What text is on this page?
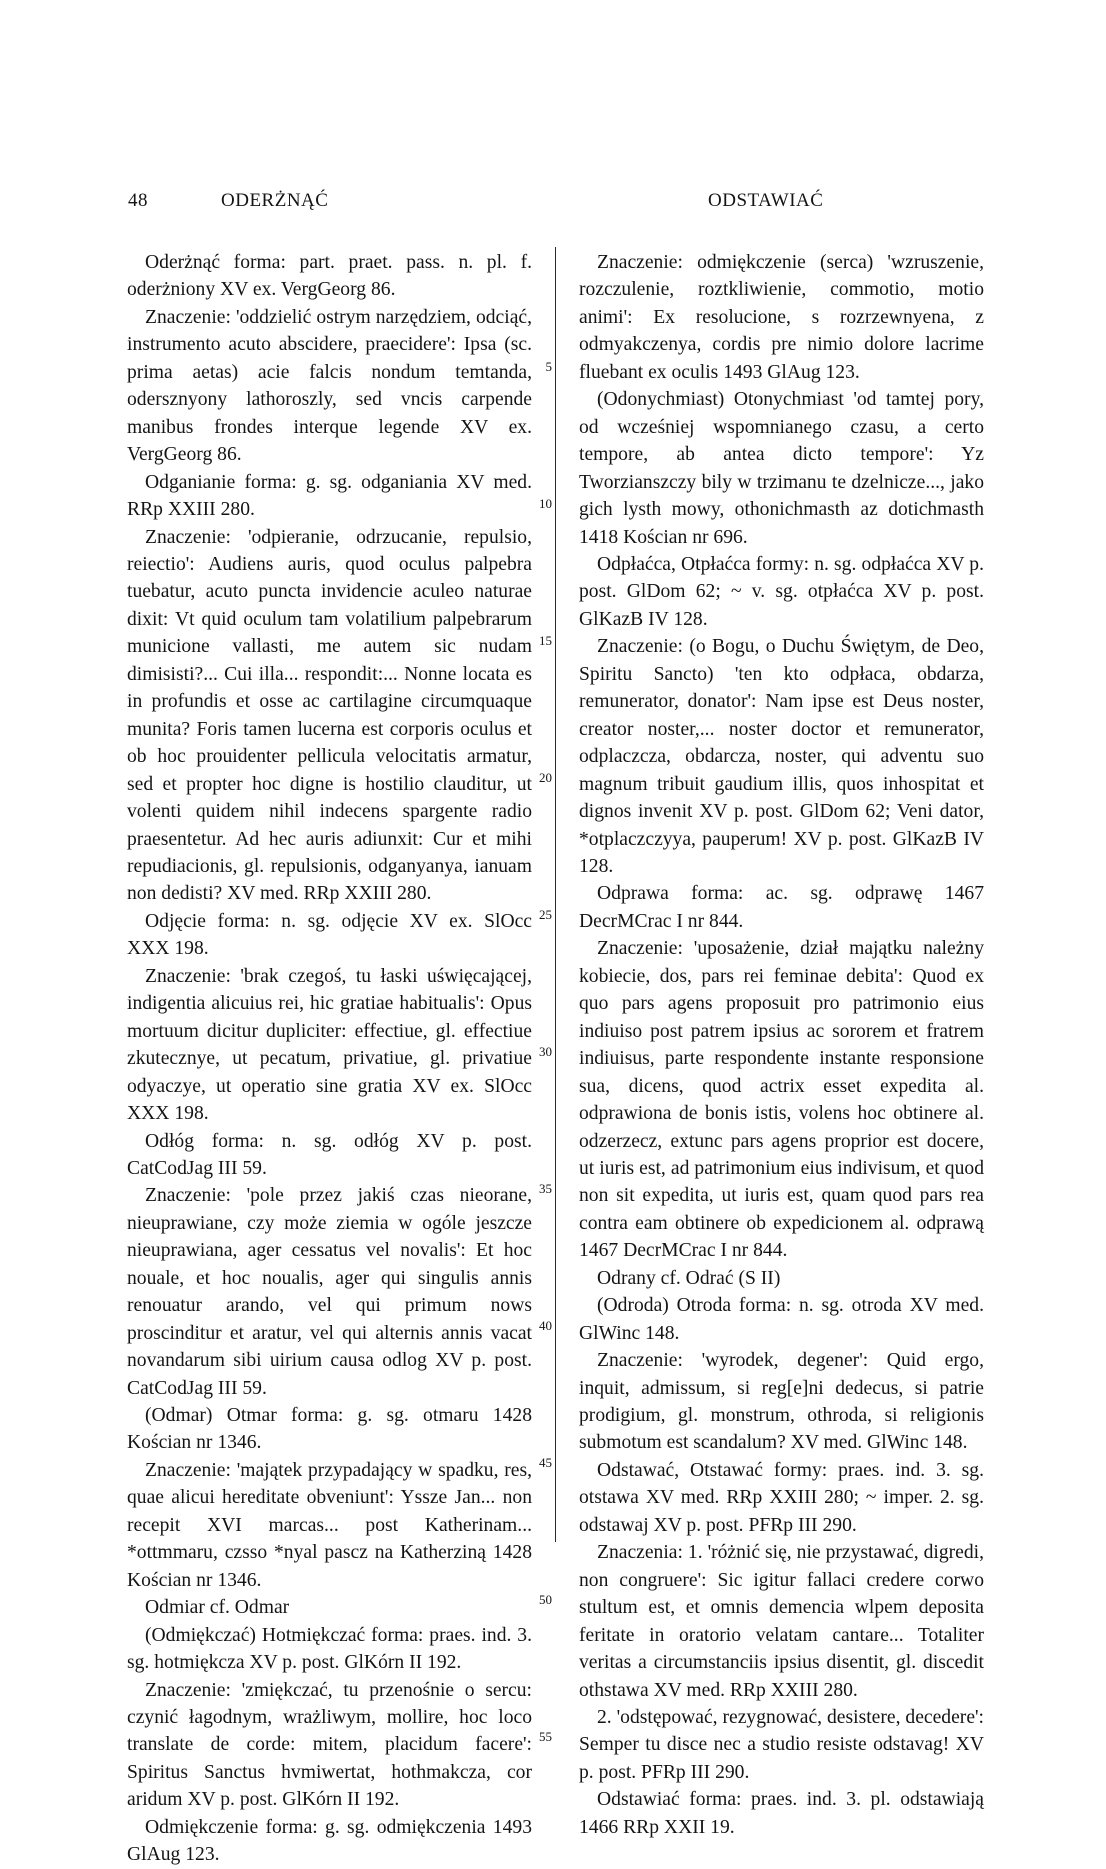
48	ODERŻNĄĆ	ODSTAWIAĆ
5
10
15
20
25
30
35
40
45
50
55

Oderżnąć forma: part. praet. pass. n. pl. f. oderżniony XV ex. VergGeorg 86.

Znaczenie: 'oddzielić ostrym narzędziem, odciąć, instrumento acuto abscidere, praecidere': Ipsa (sc. prima aetas) acie falcis nondum temtanda, odersznyony lathoroszly, sed vncis carpende manibus frondes interque legende XV ex. VergGeorg 86.

Odganianie forma: g. sg. odganiania XV med. RRp XXIII 280.

Znaczenie: 'odpieranie, odrzucanie, repulsio, reiectio': Audiens auris, quod oculus palpebra tuebatur, acuto puncta invidencie aculeo naturae dixit: Vt quid oculum tam volatilium palpebrarum municione vallasti, me autem sic nudam dimisisti?... Cui illa... respondit:... Nonne locata es in profundis et osse ac cartilagine circumquaque munita? Foris tamen lucerna est corporis oculus et ob hoc prouidenter pellicula velocitatis armatur, sed et propter hoc digne is hostilio clauditur, ut volenti quidem nihil indecens spargente radio praesentetur. Ad hec auris adiunxit: Cur et mihi repudiacionis, gl. repulsionis, odganyanya, ianuam non dedisti? XV med. RRp XXIII 280.

Odjęcie forma: n. sg. odjęcie XV ex. SlOcc XXX 198.

Znaczenie: 'brak czegoś, tu łaski uświęcającej, indigentia alicuius rei, hic gratiae habitualis': Opus mortuum dicitur dupliciter: effectiue, gl. effectiue zkutecznye, ut pecatum, privatiue, gl. privatiue odyaczye, ut operatio sine gratia XV ex. SlOcc XXX 198.

Odłóg forma: n. sg. odłóg XV p. post. CatCodJag III 59.

Znaczenie: 'pole przez jakiś czas nieorane, nieuprawiane, czy może ziemia w ogóle jeszcze nieuprawiana, ager cessatus vel novalis': Et hoc nouale, et hoc noualis, ager qui singulis annis renouatur arando, vel qui primum nows proscinditur et aratur, vel qui alternis annis vacat novandarum sibi uirium causa odlog XV p. post. CatCodJag III 59.

(Odmar) Otmar forma: g. sg. otmaru 1428 Kościan nr 1346.

Znaczenie: 'majątek przypadający w spadku, res, quae alicui hereditate obveniunt': Yssze Jan... non recepit XVI marcas... post Katherinam... *ottmmaru, czsso *nyal pascz na Katherziną 1428 Kościan nr 1346.

Odmiar cf. Odmar

(Odmiękczać) Hotmiękczać forma: praes. ind. 3. sg. hotmiękcza XV p. post. GlKórn II 192.

Znaczenie: 'zmiękczać, tu przenośnie o sercu: czynić łagodnym, wrażliwym, mollire, hoc loco translate de corde: mitem, placidum facere': Spiritus Sanctus hvmiwertat, hothmakcza, cor aridum XV p. post. GlKórn II 192.

Odmiękczenie forma: g. sg. odmiękczenia 1493 GlAug 123.

Znaczenie: odmiękczenie (serca) 'wzruszenie, rozczulenie, roztkliwienie, commotio, motio animi': Ex resolucione, s rozrzewnyena, z odmyakczenya, cordis pre nimio dolore lacrime fluebant ex oculis 1493 GlAug 123.

(Odonychmiast) Otonychmiast 'od tamtej pory, od wcześniej wspomnianego czasu, a certo tempore, ab antea dicto tempore': Yz Tworzianszczy bily w trzimanu te dzelnicze..., jako gich lysth mowy, othonichmasth az dotichmasth 1418 Kościan nr 696.

Odpłaćca, Otpłaćca formy: n. sg. odpłaćca XV p. post. GlDom 62; ~ v. sg. otpłaćca XV p. post. GlKazB IV 128.

Znaczenie: (o Bogu, o Duchu Świętym, de Deo, Spiritu Sancto) 'ten kto odpłaca, obdarza, remunerator, donator': Nam ipse est Deus noster, creator noster,... noster doctor et remunerator, odplaczcza, obdarcza, noster, qui adventu suo magnum tribuit gaudium illis, quos inhospitat et dignos invenit XV p. post. GlDom 62; Veni dator, *otplaczczyya, pauperum! XV p. post. GlKazB IV 128.

Odprawa forma: ac. sg. odprawę 1467 DecrMCrac I nr 844.

Znaczenie: 'uposażenie, dział majątku należny kobiecie, dos, pars rei feminae debita': Quod ex quo pars agens proposuit pro patrimonio eius indiuiso post patrem ipsius ac sororem et fratrem indiuisus, parte respondente instante responsione sua, dicens, quod actrix esset expedita al. odprawiona de bonis istis, volens hoc obtinere al. odzerzecz, extunc pars agens proprior est docere, ut iuris est, ad patrimonium eius indivisum, et quod non sit expedita, ut iuris est, quam quod pars rea contra eam obtinere ob expedicionem al. odprawą 1467 DecrMCrac I nr 844.

Odrany cf. Odrać (S II)

(Odroda) Otroda forma: n. sg. otroda XV med. GlWinc 148.

Znaczenie: 'wyrodek, degener': Quid ergo, inquit, admissum, si reg[e]ni dedecus, si patrie prodigium, gl. monstrum, othroda, si religionis submotum est scandalum? XV med. GlWinc 148.

Odstawać, Otstawać formy: praes. ind. 3. sg. otstawa XV med. RRp XXIII 280; ~ imper. 2. sg. odstawaj XV p. post. PFRp III 290.

Znaczenia: 1. 'różnić się, nie przystawać, digredi, non congruere': Sic igitur fallaci credere corwo stultum est, et omnis demencia wlpem deposita feritate in oratorio velatam cantare... Totaliter veritas a circumstanciis ipsius disentit, gl. discedit othstawa XV med. RRp XXIII 280.

2. 'odstępować, rezygnować, desistere, decedere': Semper tu disce nec a studio resiste odstavag! XV p. post. PFRp III 290.

Odstawiać forma: praes. ind. 3. pl. odstawiają 1466 RRp XXII 19.
